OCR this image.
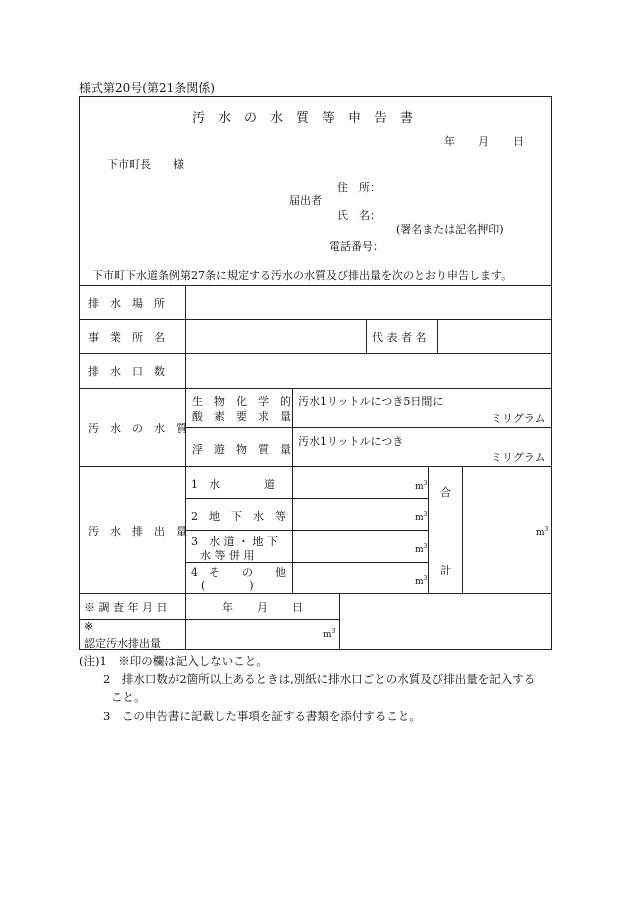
様式第20号(第21条関係)
汚　水　の　水　質　等　申　告　書
年 月 日
下市町長　　様
住　所：
届出者
氏　名：
(署名または記名押印)
電話番号：
下市町下水道条例第27条に規定する汚水の水質及び排出量を次のとおり申告します。
排　水　場　所
事　業　所　名	代 表 者 名
排　水　口　数
汚　水　の　水　質
生　物　化　学　的
酸　素　要　求　量
汚水1リットルにつき5日間に
ミリグラム
浮　遊　物　質　量
汚水1リットルにつき
ミリグラム
汚　水　排　出　量
1　水　　　　道
2　地　下　水　等
3　水 道 ・ 地 下
水 等 併 用
4　そ　　の　　他
(　　　　)
$m^3$
$m^3$
$m^3$
$m^3$
$m^3$
合
計
※ 調 査 年 月 日	年 月 日
※
認定汚水排出量
$m^3$
(注)1　※印の欄は記入しないこと。
2　排水口数が2箇所以上あるときは,別紙に排水口ごとの水質及び排出量を記入する
こと。
3　この申告書に記載した事項を証する書類を添付すること。
